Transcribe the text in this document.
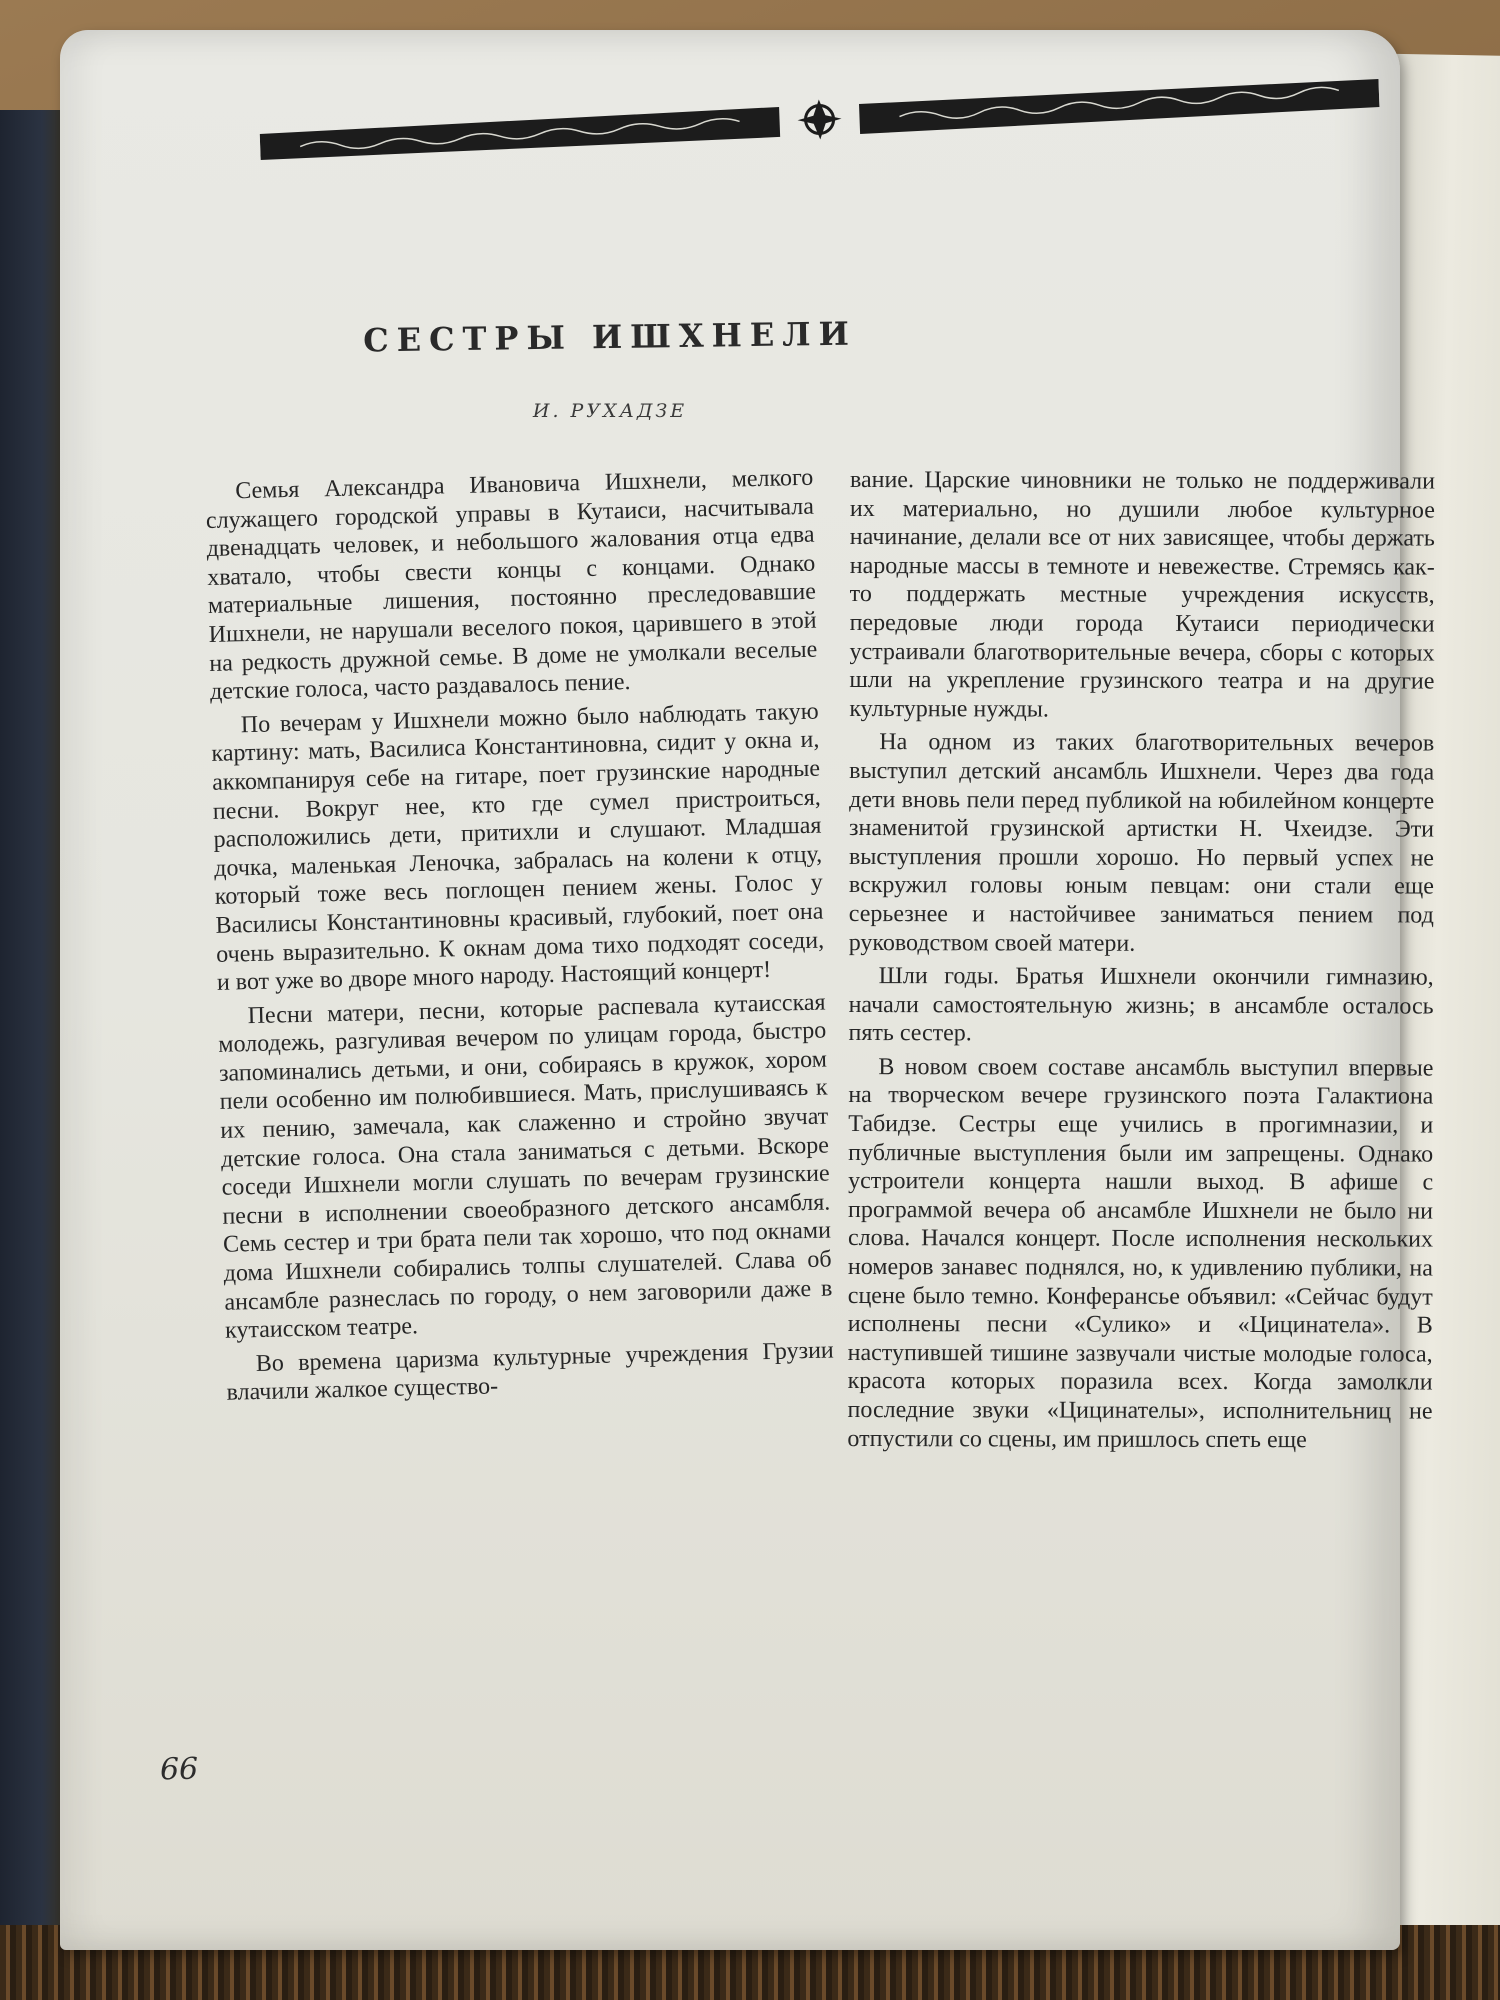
СЕСТРЫ ИШХНЕЛИ
И. РУХАДЗЕ

Семья Александра Ивановича Ишхнели, мелкого служащего городской управы в Кутаиси, насчитывала двенадцать человек, и небольшого жалования отца едва хватало, чтобы свести концы с концами. Однако материальные лишения, постоянно преследовавшие Ишхнели, не нарушали веселого покоя, царившего в этой на редкость дружной семье. В доме не умолкали веселые детские голоса, часто раздавалось пение.

По вечерам у Ишхнели можно было наблюдать такую картину: мать, Василиса Константиновна, сидит у окна и, аккомпанируя себе на гитаре, поет грузинские народные песни. Вокруг нее, кто где сумел пристроиться, расположились дети, притихли и слушают. Младшая дочка, маленькая Леночка, забралась на колени к отцу, который тоже весь поглощен пением жены. Голос у Василисы Константиновны красивый, глубокий, поет она очень выразительно. К окнам дома тихо подходят соседи, и вот уже во дворе много народу. Настоящий концерт!

Песни матери, песни, которые распевала кутаисская молодежь, разгуливая вечером по улицам города, быстро запоминались детьми, и они, собираясь в кружок, хором пели особенно им полюбившиеся. Мать, прислушиваясь к их пению, замечала, как слаженно и стройно звучат детские голоса. Она стала заниматься с детьми. Вскоре соседи Ишхнели могли слушать по вечерам грузинские песни в исполнении своеобразного детского ансамбля. Семь сестер и три брата пели так хорошо, что под окнами дома Ишхнели собирались толпы слушателей. Слава об ансамбле разнеслась по городу, о нем заговорили даже в кутаисском театре.

Во времена царизма культурные учреждения Грузии влачили жалкое существо-

вание. Царские чиновники не только не поддерживали их материально, но душили любое культурное начинание, делали все от них зависящее, чтобы держать народные массы в темноте и невежестве. Стремясь как-то поддержать местные учреждения искусств, передовые люди города Кутаиси периодически устраивали благотворительные вечера, сборы с которых шли на укрепление грузинского театра и на другие культурные нужды.

На одном из таких благотворительных вечеров выступил детский ансамбль Ишхнели. Через два года дети вновь пели перед публикой на юбилейном концерте знаменитой грузинской артистки Н. Чхеидзе. Эти выступления прошли хорошо. Но первый успех не вскружил головы юным певцам: они стали еще серьезнее и настойчивее заниматься пением под руководством своей матери.

Шли годы. Братья Ишхнели окончили гимназию, начали самостоятельную жизнь; в ансамбле осталось пять сестер.

В новом своем составе ансамбль выступил впервые на творческом вечере грузинского поэта Галактиона Табидзе. Сестры еще учились в прогимназии, и публичные выступления были им запрещены. Однако устроители концерта нашли выход. В афише с программой вечера об ансамбле Ишхнели не было ни слова. Начался концерт. После исполнения нескольких номеров занавес поднялся, но, к удивлению публики, на сцене было темно. Конферансье объявил: «Сейчас будут исполнены песни «Сулико» и «Цицинатела». В наступившей тишине зазвучали чистые молодые голоса, красота которых поразила всех. Когда замолкли последние звуки «Цицинателы», исполнительниц не отпустили со сцены, им пришлось спеть еще

66
